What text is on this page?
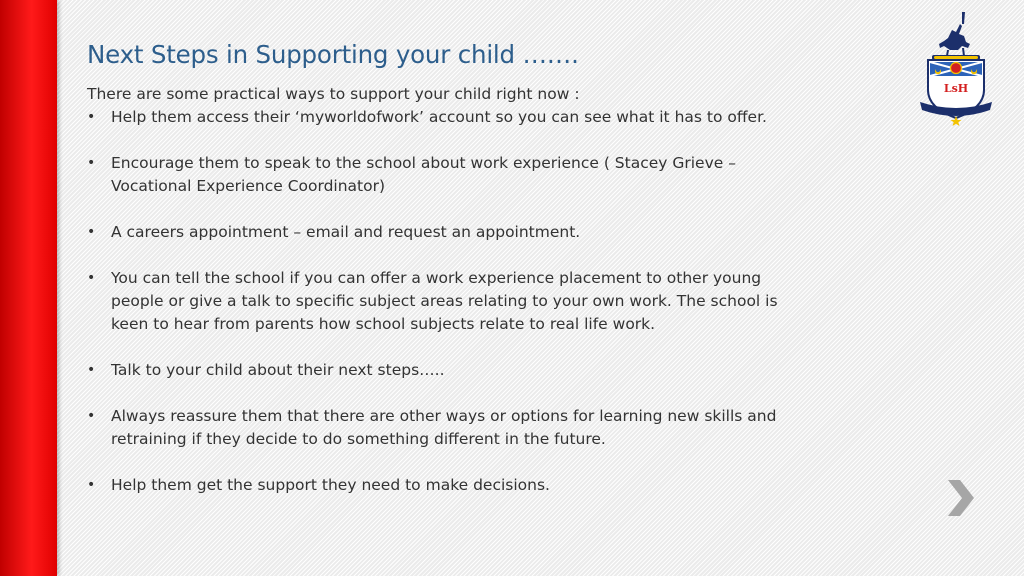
Next Steps in Supporting your child …….

There are some practical ways to support your child right now :

• Help them access their ‘myworldofwork’ account so you can see what it has to offer.
• Encourage them to speak to the school about work experience ( Stacey Grieve – Vocational Experience Coordinator)
• A careers appointment – email and request an appointment.
• You can tell the school if you can offer a work experience placement to other young people or give a talk to specific subject areas relating to your own work. The school is keen to hear from parents how school subjects relate to real life work.
• Talk to your child about their next steps…..
• Always reassure them that there are other ways or options for learning new skills and retraining if they decide to do something different in the future.
• Help them get the support they need to make decisions.
LsH
